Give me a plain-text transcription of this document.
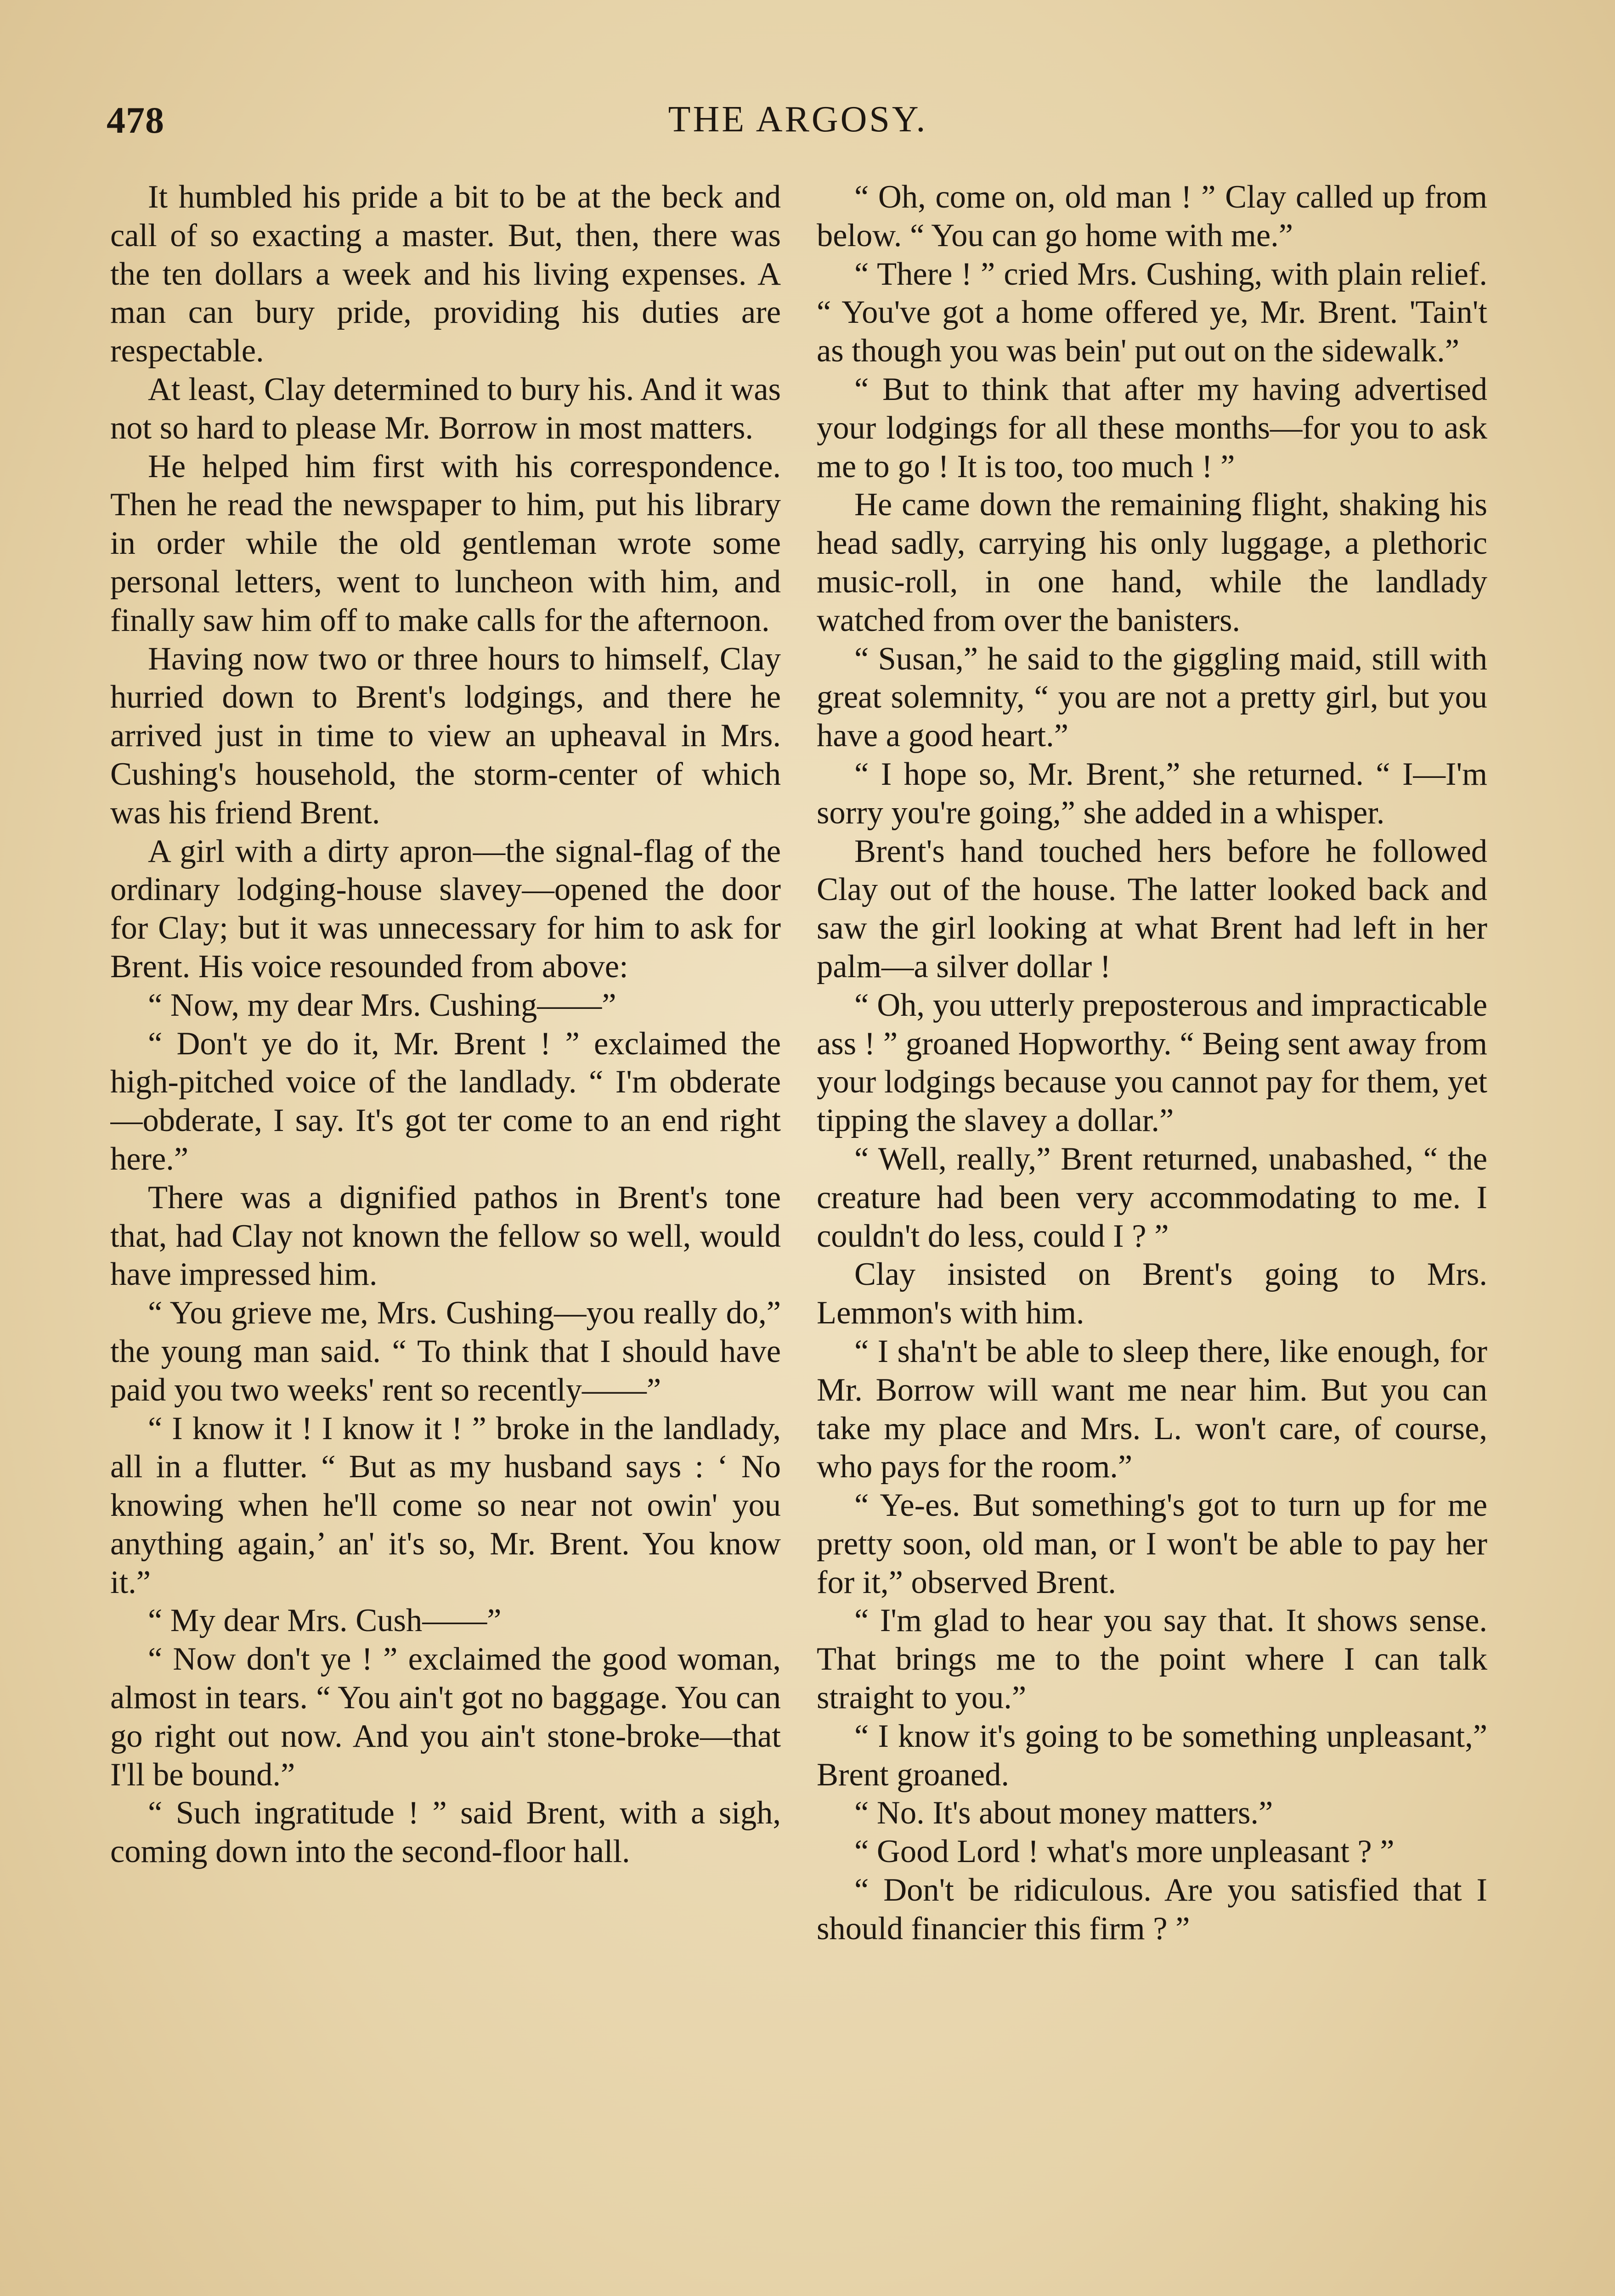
478	THE ARGOSY.

It humbled his pride a bit to be at the beck and call of so exacting a master. But, then, there was the ten dollars a week and his living expenses. A man can bury pride, providing his duties are respectable.

At least, Clay determined to bury his. And it was not so hard to please Mr. Borrow in most matters.

He helped him first with his correspondence. Then he read the newspaper to him, put his library in order while the old gentleman wrote some personal letters, went to luncheon with him, and finally saw him off to make calls for the afternoon.

Having now two or three hours to himself, Clay hurried down to Brent's lodgings, and there he arrived just in time to view an upheaval in Mrs. Cushing's household, the storm-center of which was his friend Brent.

A girl with a dirty apron—the signal-flag of the ordinary lodging-house slavey—opened the door for Clay; but it was unnecessary for him to ask for Brent. His voice resounded from above:

“ Now, my dear Mrs. Cushing——”

“ Don't ye do it, Mr. Brent ! ” exclaimed the high-pitched voice of the landlady. “ I'm obderate—obderate, I say. It's got ter come to an end right here.”

There was a dignified pathos in Brent's tone that, had Clay not known the fellow so well, would have impressed him.

“ You grieve me, Mrs. Cushing—you really do,” the young man said. “ To think that I should have paid you two weeks' rent so recently——”

“ I know it ! I know it ! ” broke in the landlady, all in a flutter. “ But as my husband says : ‘ No knowing when he'll come so near not owin' you anything again,’ an' it's so, Mr. Brent. You know it.”

“ My dear Mrs. Cush——”

“ Now don't ye ! ” exclaimed the good woman, almost in tears. “ You ain't got no baggage. You can go right out now. And you ain't stone-broke—that I'll be bound.”

“ Such ingratitude ! ” said Brent, with a sigh, coming down into the second-floor hall.

“ Oh, come on, old man ! ” Clay called up from below. “ You can go home with me.”

“ There ! ” cried Mrs. Cushing, with plain relief. “ You've got a home offered ye, Mr. Brent. 'Tain't as though you was bein' put out on the sidewalk.”

“ But to think that after my having advertised your lodgings for all these months—for you to ask me to go ! It is too, too much ! ”

He came down the remaining flight, shaking his head sadly, carrying his only luggage, a plethoric music-roll, in one hand, while the landlady watched from over the banisters.

“ Susan,” he said to the giggling maid, still with great solemnity, “ you are not a pretty girl, but you have a good heart.”

“ I hope so, Mr. Brent,” she returned. “ I—I'm sorry you're going,” she added in a whisper.

Brent's hand touched hers before he followed Clay out of the house. The latter looked back and saw the girl looking at what Brent had left in her palm—a silver dollar !

“ Oh, you utterly preposterous and impracticable ass ! ” groaned Hopworthy. “ Being sent away from your lodgings because you cannot pay for them, yet tipping the slavey a dollar.”

“ Well, really,” Brent returned, unabashed, “ the creature had been very accommodating to me. I couldn't do less, could I ? ”

Clay insisted on Brent's going to Mrs. Lemmon's with him.

“ I sha'n't be able to sleep there, like enough, for Mr. Borrow will want me near him. But you can take my place and Mrs. L. won't care, of course, who pays for the room.”

“ Ye-es. But something's got to turn up for me pretty soon, old man, or I won't be able to pay her for it,” observed Brent.

“ I'm glad to hear you say that. It shows sense. That brings me to the point where I can talk straight to you.”

“ I know it's going to be something unpleasant,” Brent groaned.

“ No. It's about money matters.”

“ Good Lord ! what's more unpleasant ? ”

“ Don't be ridiculous. Are you satisfied that I should financier this firm ? ”
